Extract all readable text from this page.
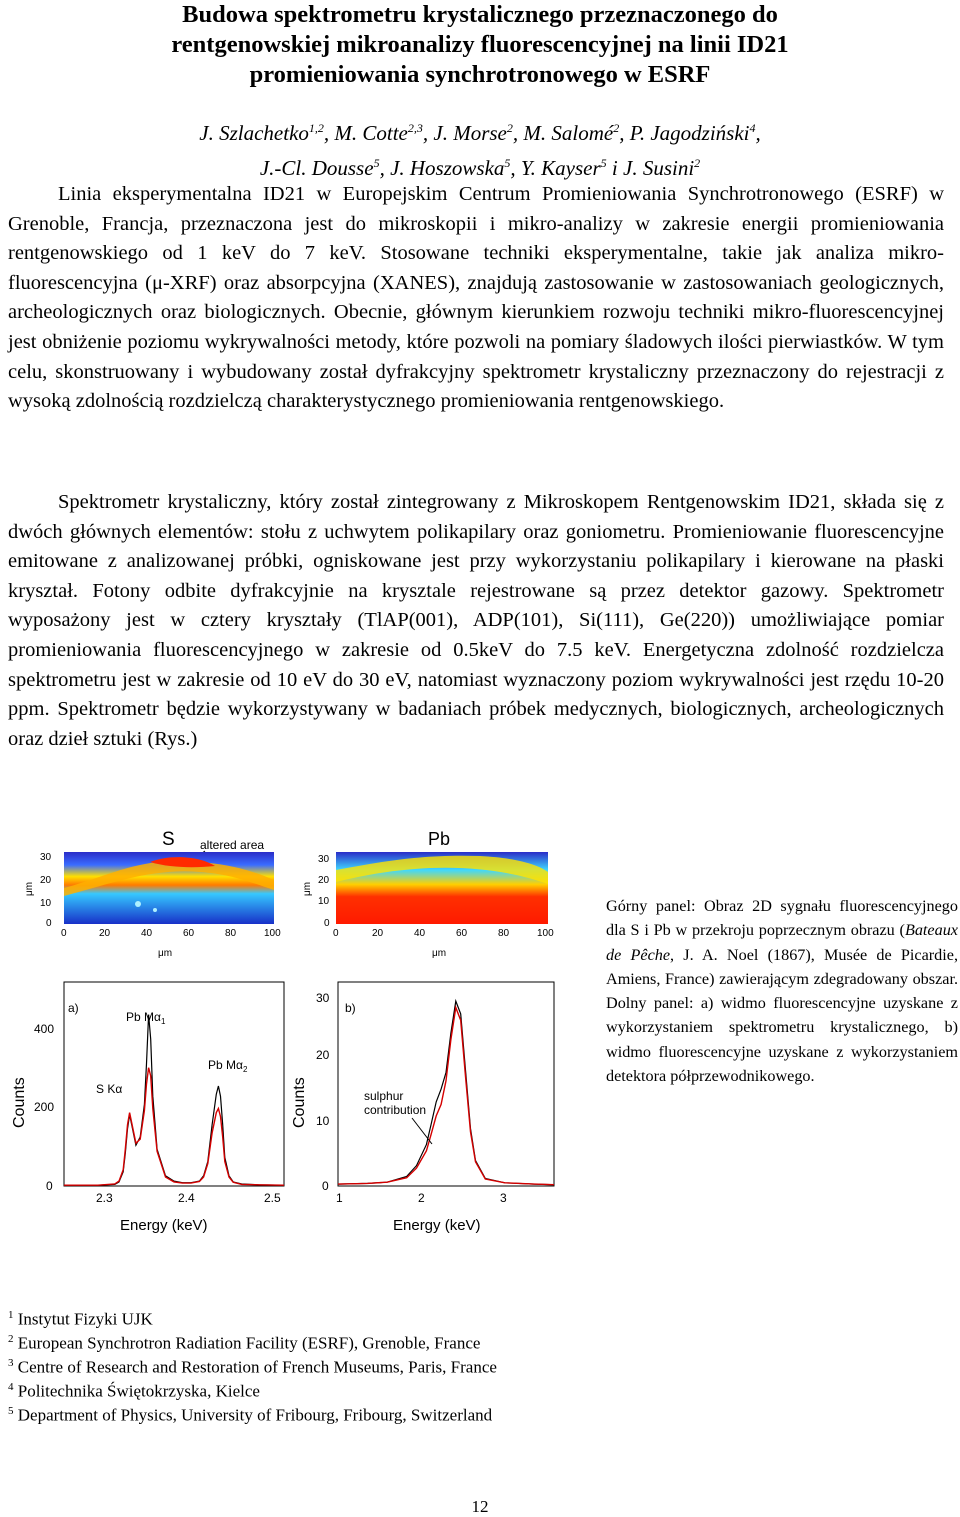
Budowa spektrometru krystalicznego przeznaczonego do
rentgenowskiej mikroanalizy fluorescencyjnej na linii ID21
promieniowania synchrotronowego w ESRF
J. Szlachetko$^{1,2}$, M. Cotte$^{2,3}$, J. Morse$^2$, M. Salomé$^2$, P. Jagodziński$^4$,
J.-Cl. Dousse$^5$, J. Hoszowska$^5$, Y. Kayser$^5$ i J. Susini$^2$
Linia eksperymentalna ID21 w Europejskim Centrum Promieniowania Synchrotronowego (ESRF) w Grenoble, Francja, przeznaczona jest do mikroskopii i mikro-analizy w zakresie energii promieniowania rentgenowskiego od 1 keV do 7 keV. Stosowane techniki eksperymentalne, takie jak analiza mikro-fluorescencyjna (μ-XRF) oraz absorpcyjna (XANES), znajdują zastosowanie w zastosowaniach geologicznych, archeologicznych oraz biologicznych. Obecnie, głównym kierunkiem rozwoju techniki mikro-fluorescencyjnej jest obniżenie poziomu wykrywalności metody, które pozwoli na pomiary śladowych ilości pierwiastków. W tym celu, skonstruowany i wybudowany został dyfrakcyjny spektrometr krystaliczny przeznaczony do rejestracji z wysoką zdolnością rozdzielczą charakterystycznego promieniowania rentgenowskiego.
Spektrometr krystaliczny, który został zintegrowany z Mikroskopem Rentgenowskim ID21, składa się z dwóch głównych elementów: stołu z uchwytem polikapilary oraz goniometru. Promieniowanie fluorescencyjne emitowane z analizowanej próbki, ogniskowane jest przy wykorzystaniu polikapilary i kierowane na płaski kryształ. Fotony odbite dyfrakcyjnie na krysztale rejestrowane są przez detektor gazowy. Spektrometr wyposażony jest w cztery kryształy (TlAP(001), ADP(101), Si(111), Ge(220)) umożliwiające pomiar promieniowania fluorescencyjnego w zakresie od 0.5keV do 7.5 keV. Energetyczna zdolność rozdzielcza spektrometru jest w zakresie od 10 eV do 30 eV, natomiast wyznaczony poziom wykrywalności jest rzędu 10-20 ppm. Spektrometr będzie wykorzystywany w badaniach próbek medycznych, biologicznych, archeologicznych oraz dzieł sztuki (Rys.)
S altered area
30
20
10
0
μm
0	20	40	60	80	100
μm
Pb
30
20
10
0
μm
0	20	40	60	80	100
μm
a)
Pb $M\alpha_1$
Pb $M\alpha_2$
S Kα
400
200
0
2.3	2.4	2.5
Energy (keV)
Counts
b)
sulphur
contribution
30
20
10
0
1	2	3
Energy (keV)
Counts
Górny panel: Obraz 2D sygnału fluorescencyjnego dla S i Pb w przekroju poprzecznym obrazu (Bateaux de Pêche, J. A. Noel (1867), Musée de Picardie, Amiens, France) zawierającym zdegradowany obszar. Dolny panel: a) widmo fluorescencyjne uzyskane z wykorzystaniem spektrometru krystalicznego, b) widmo fluorescencyjne uzyskane z wykorzystaniem detektora półprzewodnikowego.
$^1$ Instytut Fizyki UJK
$^2$ European Synchrotron Radiation Facility (ESRF), Grenoble, France
$^3$ Centre of Research and Restoration of French Museums, Paris, France
$^4$ Politechnika Świętokrzyska, Kielce
$^5$ Department of Physics, University of Fribourg, Fribourg, Switzerland
12
